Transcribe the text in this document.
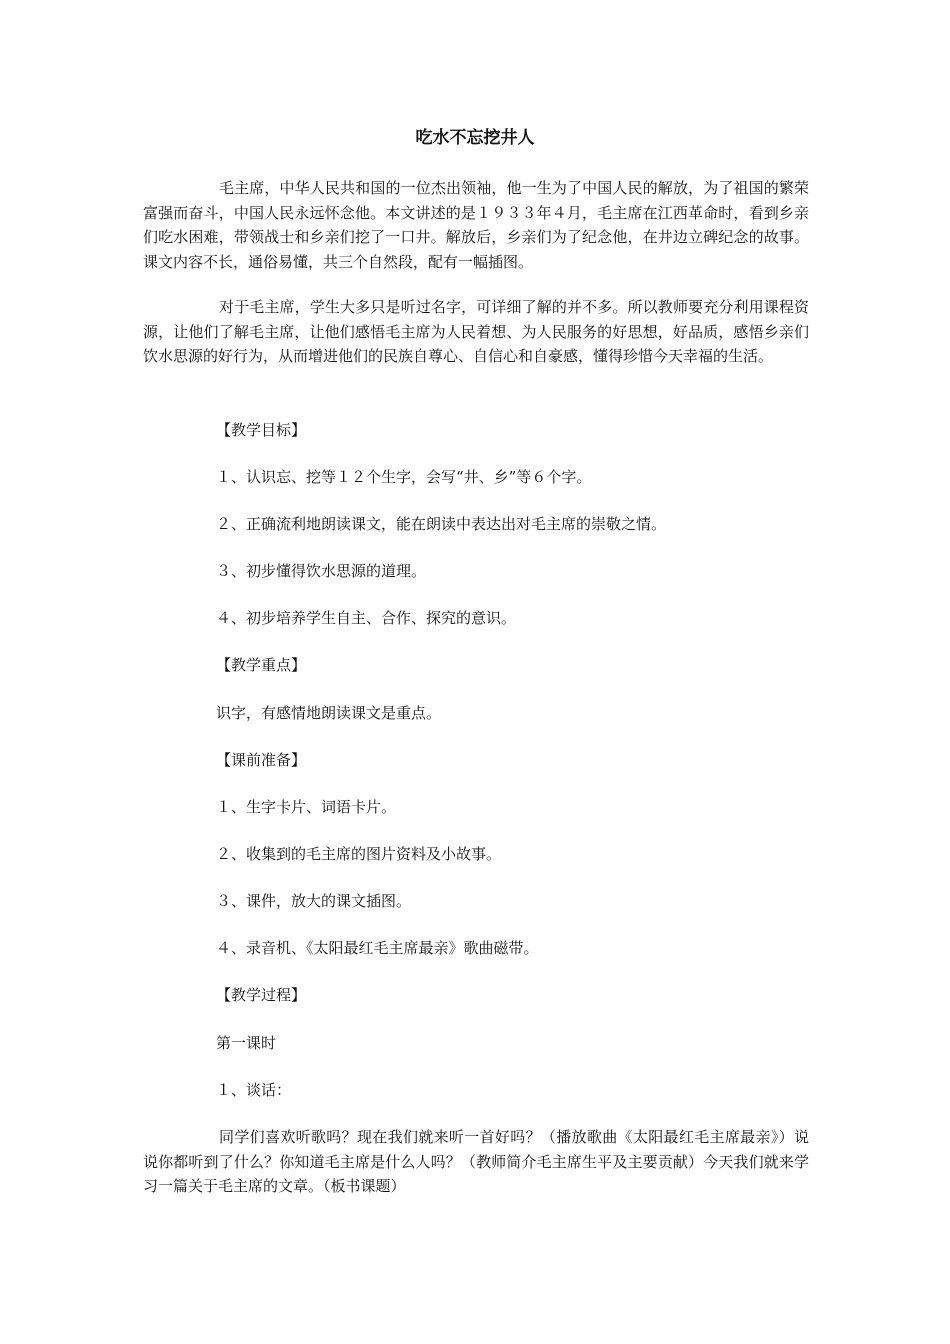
吃水不忘挖井人
毛主席，中华人民共和国的一位杰出领袖，他一生为了中国人民的解放，为了祖国的繁荣富强而奋斗，中国人民永远怀念他。本文讲述的是１９３３年４月，毛主席在江西革命时，看到乡亲们吃水困难，带领战士和乡亲们挖了一口井。解放后，乡亲们为了纪念他，在井边立碑纪念的故事。课文内容不长，通俗易懂，共三个自然段，配有一幅插图。
对于毛主席，学生大多只是听过名字，可详细了解的并不多。所以教师要充分利用课程资源，让他们了解毛主席，让他们感悟毛主席为人民着想、为人民服务的好思想，好品质，感悟乡亲们饮水思源的好行为，从而增进他们的民族自尊心、自信心和自豪感，懂得珍惜今天幸福的生活。
【教学目标】
１、认识忘、挖等１２个生字，会写“井、乡”等６个字。
２、正确流利地朗读课文，能在朗读中表达出对毛主席的崇敬之情。
３、初步懂得饮水思源的道理。
４、初步培养学生自主、合作、探究的意识。
【教学重点】
识字，有感情地朗读课文是重点。
【课前准备】
１、生字卡片、词语卡片。
２、收集到的毛主席的图片资料及小故事。
３、课件，放大的课文插图。
４、录音机、《太阳最红毛主席最亲》歌曲磁带。
【教学过程】
第一课时
１、谈话：
同学们喜欢听歌吗？现在我们就来听一首好吗？（播放歌曲《太阳最红毛主席最亲》）说说你都听到了什么？你知道毛主席是什么人吗？（教师简介毛主席生平及主要贡献）今天我们就来学习一篇关于毛主席的文章。（板书课题）
